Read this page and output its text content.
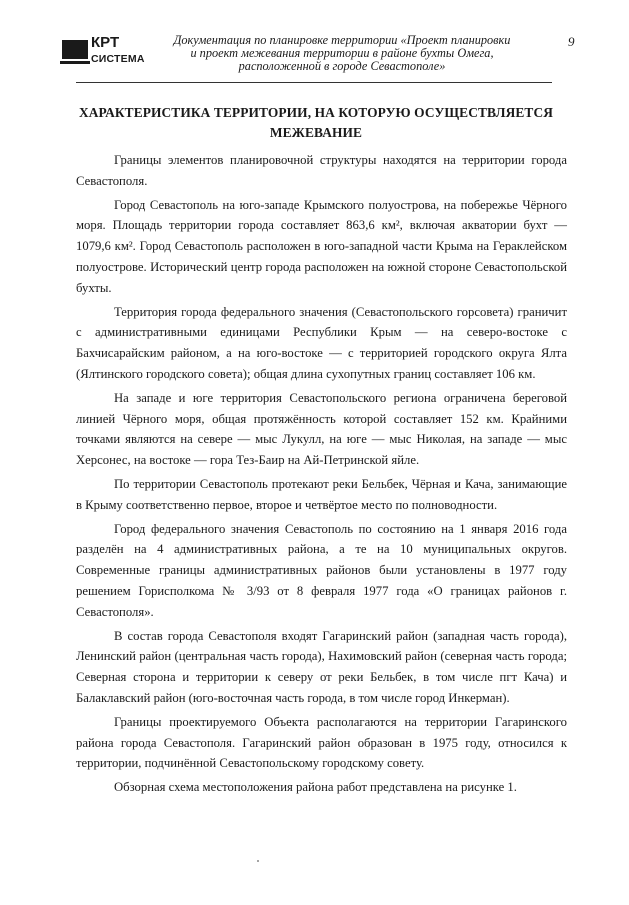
КРТ
СИСТЕМА
Документация по планировке территории «Проект планировки
и проект межевания территории в районе бухты Омега,
расположенной в городе Севастополе»
9
ХАРАКТЕРИСТИКА ТЕРРИТОРИИ, НА КОТОРУЮ ОСУЩЕСТВЛЯЕТСЯ
МЕЖЕВАНИЕ

Границы элементов планировочной структуры находятся на территории города Севастополя.

Город Севастополь на юго-западе Крымского полуострова, на побережье Чёрного моря. Площадь территории города составляет 863,6 км², включая акватории бухт — 1079,6 км². Город Севастополь расположен в юго-западной части Крыма на Гераклейском полуострове. Исторический центр города расположен на южной стороне Севастопольской бухты.

Территория города федерального значения (Севастопольского горсовета) граничит с административными единицами Республики Крым — на северо-востоке с Бахчисарайским районом, а на юго-востоке — с территорией городского округа Ялта (Ялтинского городского совета); общая длина сухопутных границ составляет 106 км.

На западе и юге территория Севастопольского региона ограничена береговой линией Чёрного моря, общая протяжённость которой составляет 152 км. Крайними точками являются на севере — мыс Лукулл, на юге — мыс Николая, на западе — мыс Херсонес, на востоке — гора Тез-Баир на Ай-Петринской яйле.

По территории Севастополь протекают реки Бельбек, Чёрная и Кача, занимающие в Крыму соответственно первое, второе и четвёртое место по полноводности.

Город федерального значения Севастополь по состоянию на 1 января 2016 года разделён на 4 административных района, а те на 10 муниципальных округов. Современные границы административных районов были установлены в 1977 году решением Горисполкома № 3/93 от 8 февраля 1977 года «О границах районов г. Севастополя».

В состав города Севастополя входят Гагаринский район (западная часть города), Ленинский район (центральная часть города), Нахимовский район (северная часть города; Северная сторона и территории к северу от реки Бельбек, в том числе пгт Кача) и Балаклавский район (юго-восточная часть города, в том числе город Инкерман).

Границы проектируемого Объекта располагаются на территории Гагаринского района города Севастополя. Гагаринский район образован в 1975 году, относился к территории, подчинённой Севастопольскому городскому совету.

Обзорная схема местоположения района работ представлена на рисунке 1.
